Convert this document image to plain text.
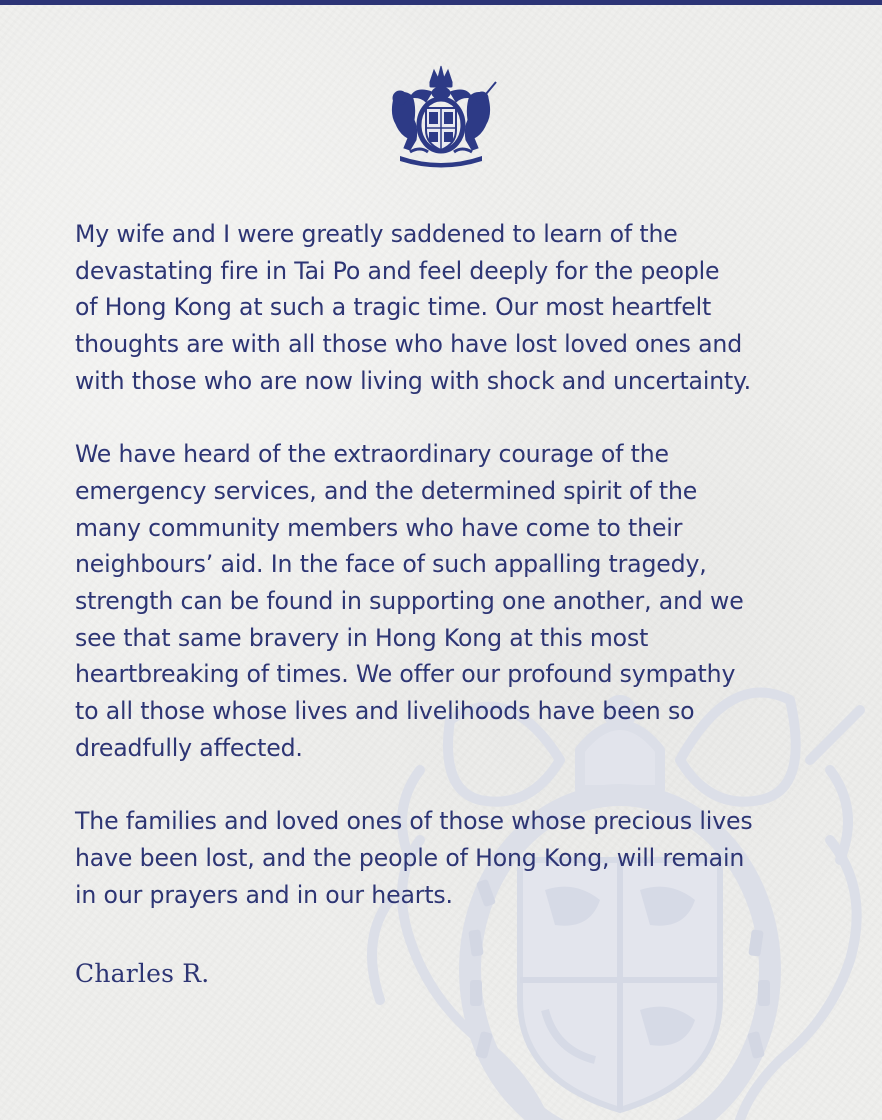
My wife and I were greatly saddened to learn of the
devastating fire in Tai Po and feel deeply for the people
of Hong Kong at such a tragic time. Our most heartfelt
thoughts are with all those who have lost loved ones and
with those who are now living with shock and uncertainty.

We have heard of the extraordinary courage of the
emergency services, and the determined spirit of the
many community members who have come to their
neighbours’ aid. In the face of such appalling tragedy,
strength can be found in supporting one another, and we
see that same bravery in Hong Kong at this most
heartbreaking of times. We offer our profound sympathy
to all those whose lives and livelihoods have been so
dreadfully affected.

The families and loved ones of those whose precious lives
have been lost, and the people of Hong Kong, will remain
in our prayers and in our hearts.

Charles R.
